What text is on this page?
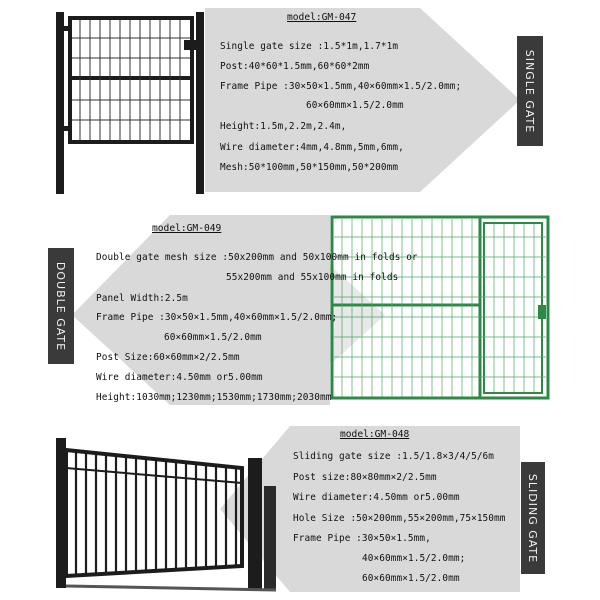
model:GM-047
Single gate size :1.5*1m,1.7*1m
Post:40*60*1.5mm,60*60*2mm
Frame Pipe :30×50×1.5mm,40×60mm×1.5/2.0mm;
60×60mm×1.5/2.0mm
Height:1.5m,2.2m,2.4m,
Wire diameter:4mm,4.8mm,5mm,6mm,
Mesh:50*100mm,50*150mm,50*200mm
SINGLE GATE
DOUBLE GATE
model:GM-049
Double gate mesh size :50x200mm and 50x100mm in folds or
55x200mm and 55x100mm in folds
Panel Width:2.5m
Frame Pipe :30×50×1.5mm,40×60mm×1.5/2.0mm;
60×60mm×1.5/2.0mm
Post Size:60×60mm×2/2.5mm
Wire diameter:4.50mm or5.00mm
Height:1030mm;1230mm;1530mm;1730mm;2030mm
model:GM-048
Sliding gate size :1.5/1.8×3/4/5/6m
Post size:80×80mm×2/2.5mm
Wire diameter:4.50mm or5.00mm
Hole Size :50×200mm,55×200mm,75×150mm
Frame Pipe :30×50×1.5mm,
40×60mm×1.5/2.0mm;
60×60mm×1.5/2.0mm
SLIDING GATE
